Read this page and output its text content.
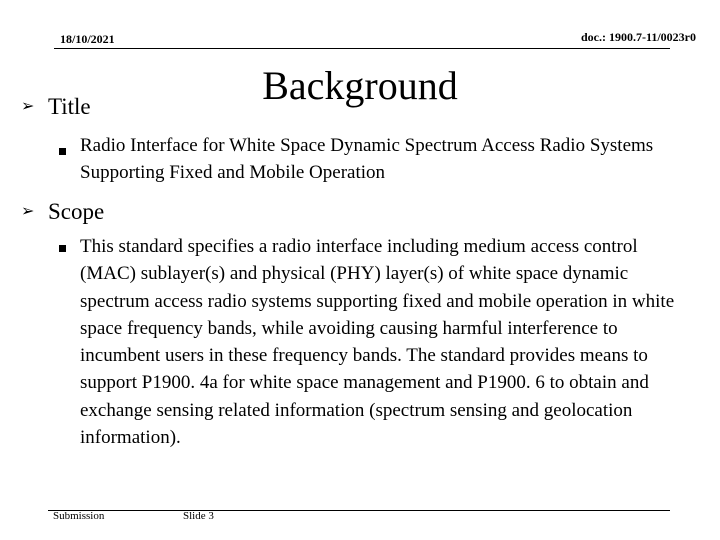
18/10/2021	doc.: 1900.7-11/0023r0
Background
➢ Title
Radio Interface for White Space Dynamic Spectrum Access Radio Systems Supporting Fixed and Mobile Operation
➢ Scope
This standard specifies a radio interface including medium access control (MAC) sublayer(s) and physical (PHY) layer(s) of white space dynamic spectrum access radio systems supporting fixed and mobile operation in white space frequency bands, while avoiding causing harmful interference to incumbent users in these frequency bands. The standard provides means to support P1900. 4a for white space management and P1900. 6 to obtain and exchange sensing related information (spectrum sensing and geolocation information).
Submission	Slide 3
